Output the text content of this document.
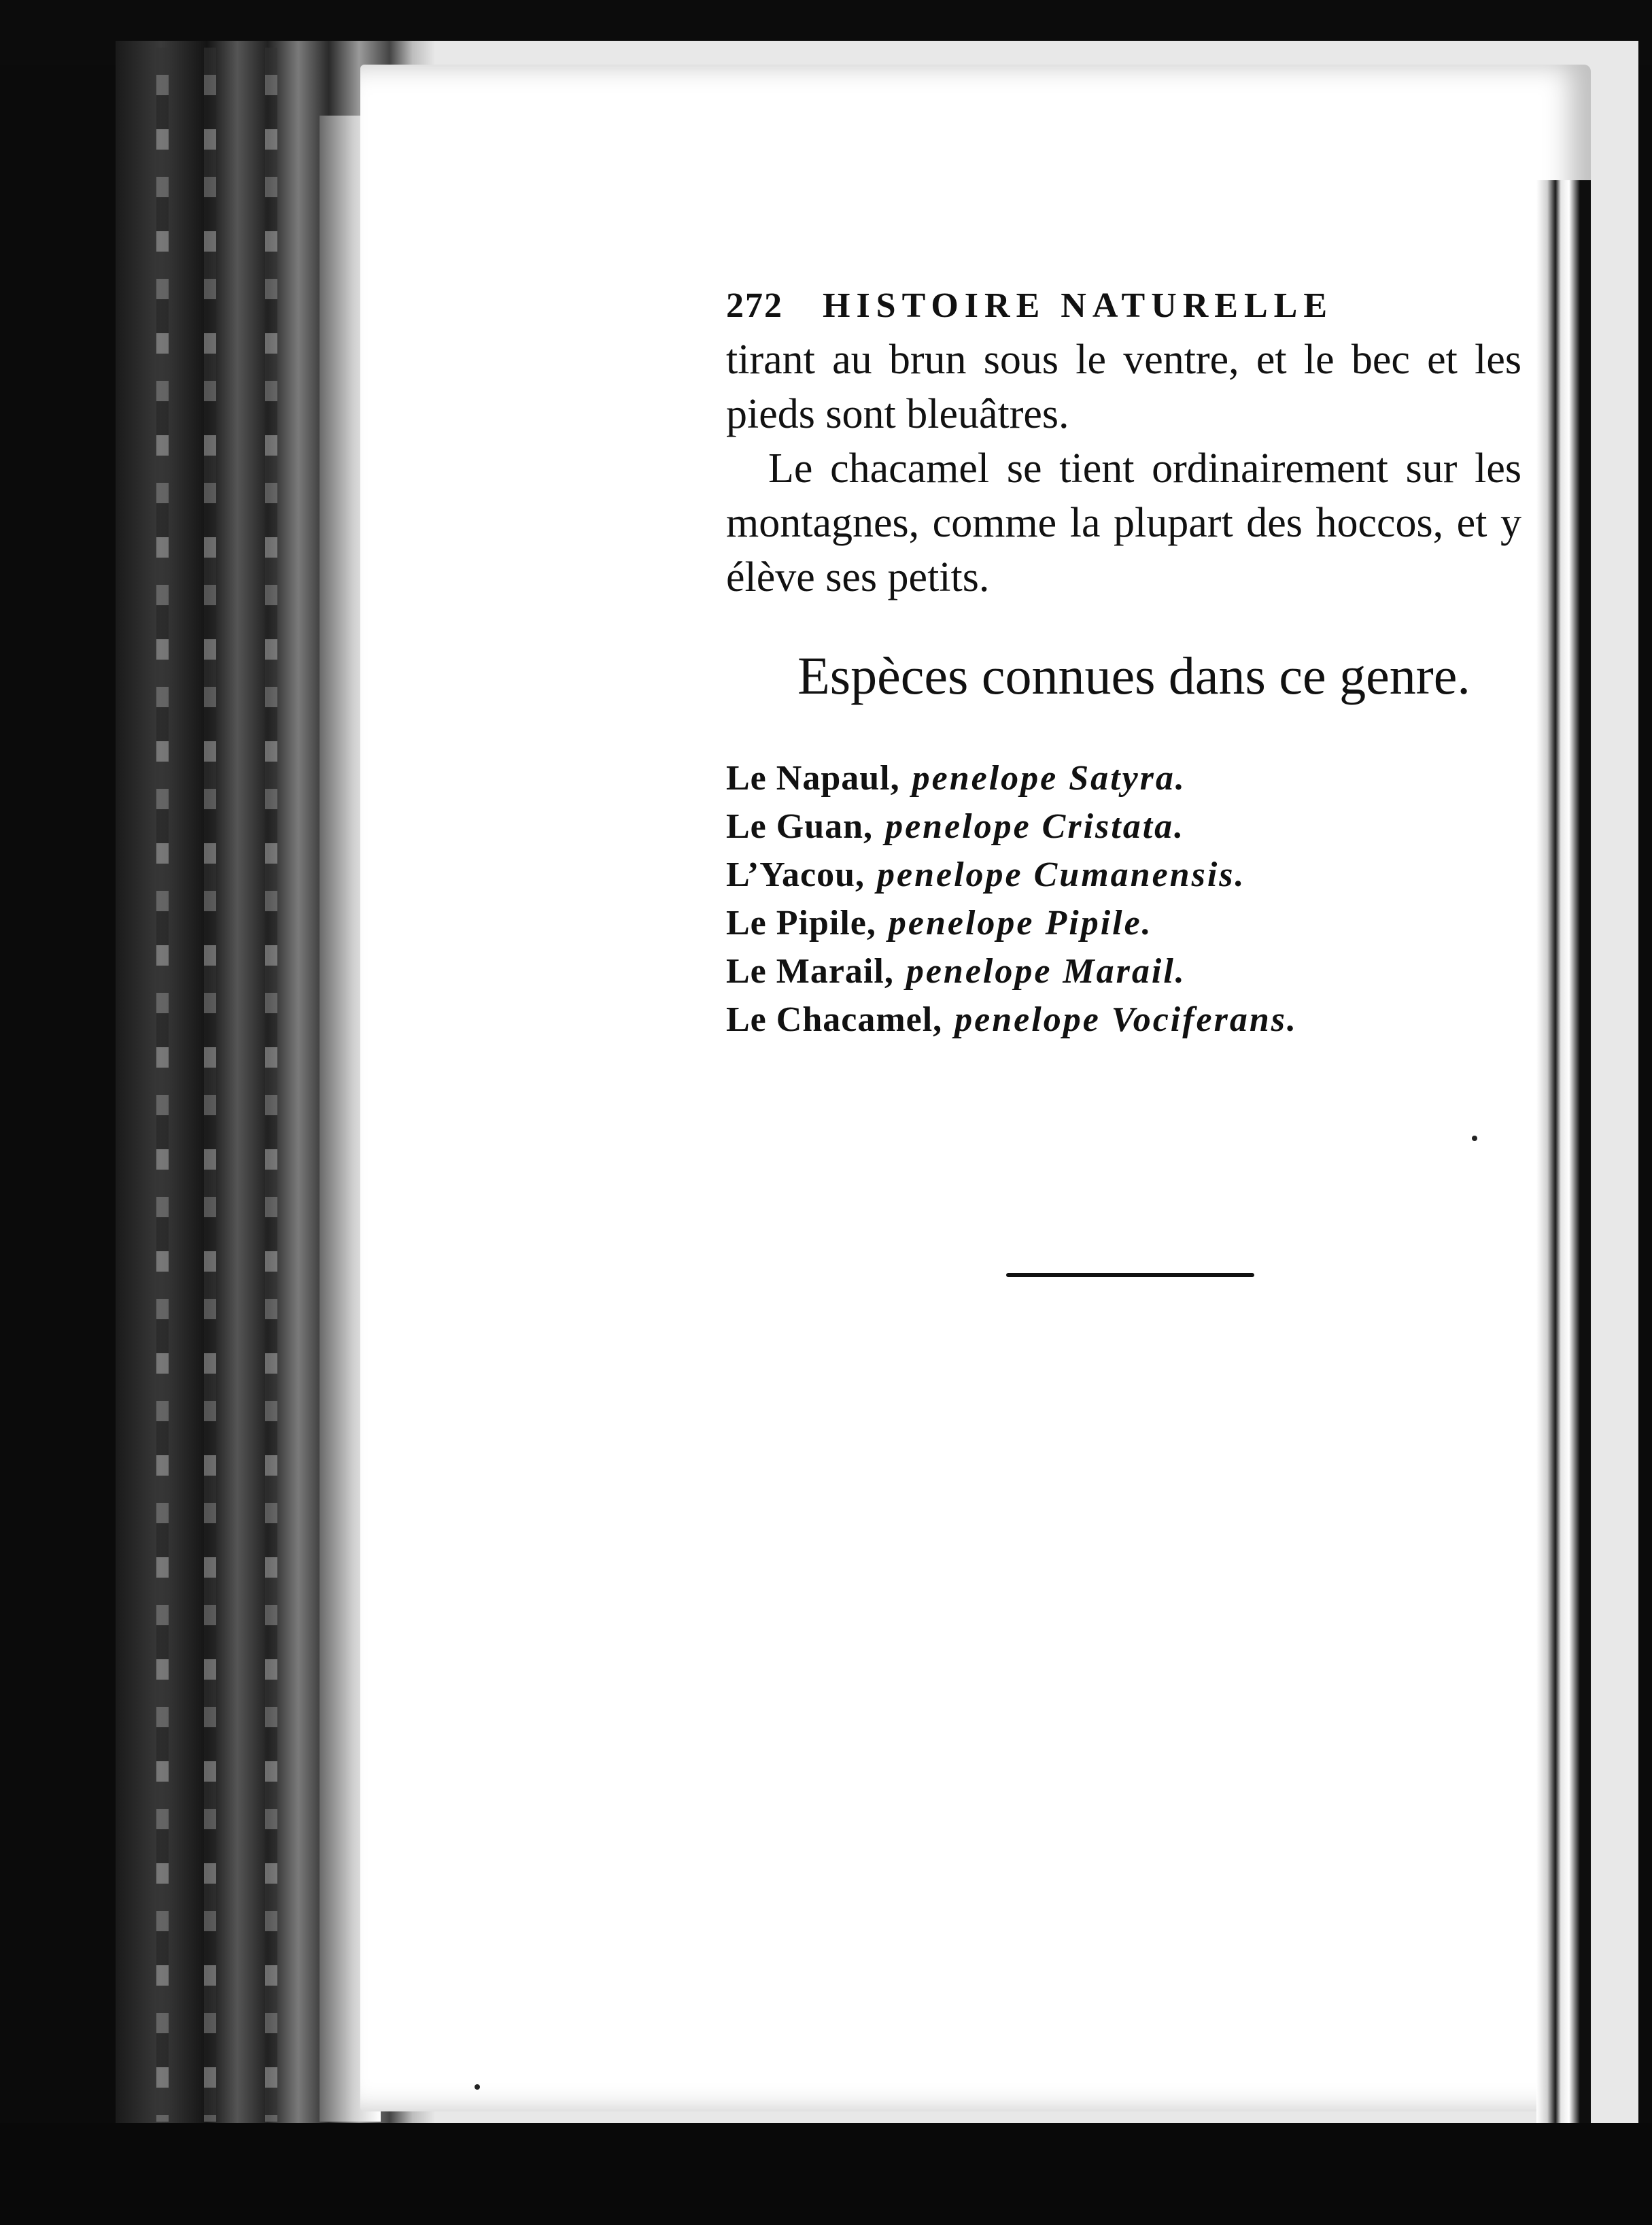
272 HISTOIRE NATURELLE

tirant au brun sous le ventre, et le bec et les pieds sont bleuâtres.

Le chacamel se tient ordinairement sur les montagnes, comme la plupart des hoccos, et y élève ses petits.

Espèces connues dans ce genre.
Le Napaul, penelope Satyra.
Le Guan, penelope Cristata.
L’Yacou, penelope Cumanensis.
Le Pipile, penelope Pipile.
Le Marail, penelope Marail.
Le Chacamel, penelope Vociferans.
